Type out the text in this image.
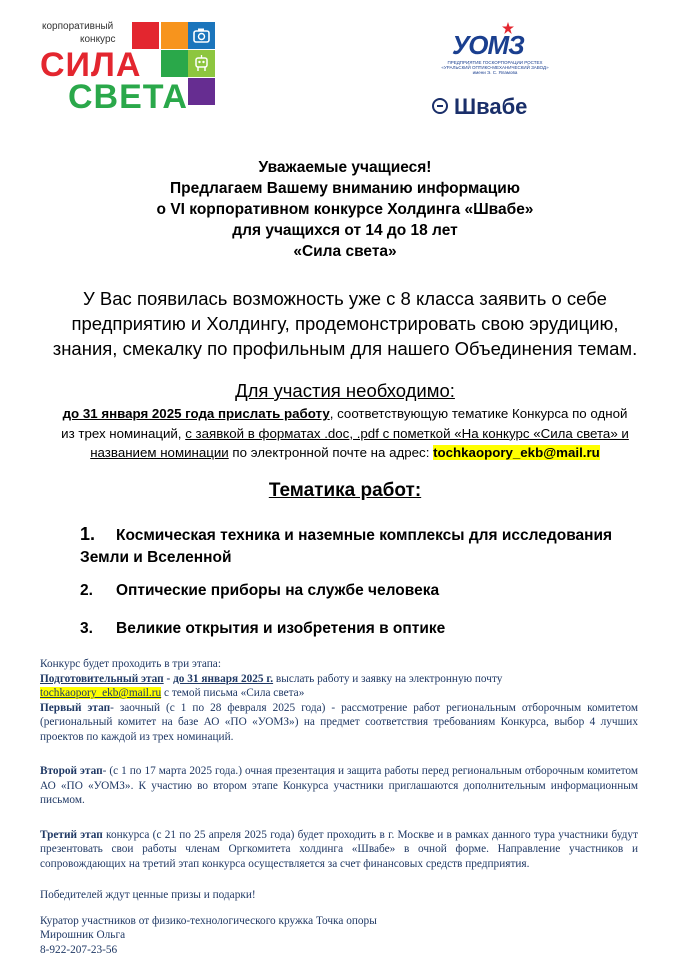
корпоративный
конкурс
СИЛА
СВЕТА
УОМЗ
ПРЕДПРИЯТИЕ ГОСКОРПОРАЦИИ РОСТЕХ «УРАЛЬСКИЙ ОПТИКО-МЕХАНИЧЕСКИЙ ЗАВОД» имени Э. С. Яламова
Швабе
Уважаемые учащиеся!
Предлагаем Вашему вниманию информацию
о VI корпоративном конкурсе Холдинга «Швабе»
для учащихся от 14 до 18 лет
«Сила света»
У Вас появилась возможность уже с 8 класса заявить о себе
предприятию и Холдингу, продемонстрировать свою эрудицию,
знания, смекалку по профильным для нашего Объединения темам.
Для участия необходимо:
до 31 января 2025 года прислать работу, соответствующую тематике Конкурса по одной
из трех номинаций, с заявкой в форматах .doc, .pdf с пометкой «На конкурс «Сила света» и
названием номинации по электронной почте на адрес: tochkaopory_ekb@mail.ru
Тематика работ:
1. Космическая техника и наземные комплексы для исследования
Земли и Вселенной
2. Оптические приборы на службе человека
3. Великие открытия и изобретения в оптике

Конкурс будет проходить в три этапа:

Подготовительный этап - до 31 января 2025 г. выслать работу и заявку на электронную почту

tochkaopory_ekb@mail.ru с темой письма «Сила света»

Первый этап- заочный (с 1 по 28 февраля 2025 года) - рассмотрение работ региональным отборочным комитетом (региональный комитет на базе АО «ПО «УОМЗ») на предмет соответствия требованиям Конкурса, выбор 4 лучших проектов по каждой из трех номинаций.

Второй этап- (с 1 по 17 марта 2025 года.) очная презентация и защита работы перед региональным отборочным комитетом АО «ПО «УОМЗ». К участию во втором этапе Конкурса участники приглашаются дополнительным информационным письмом.

Третий этап конкурса (с 21 по 25 апреля 2025 года) будет проходить в г. Москве и в рамках данного тура участники будут презентовать свои работы членам Оргкомитета холдинга «Швабе» в очной форме. Направление участников и сопровождающих на третий этап конкурса осуществляется за счет финансовых средств предприятия.

Победителей ждут ценные призы и подарки!

Куратор участников от физико-технологического кружка Точка опоры

Мирошник Ольга

8-922-207-23-56
